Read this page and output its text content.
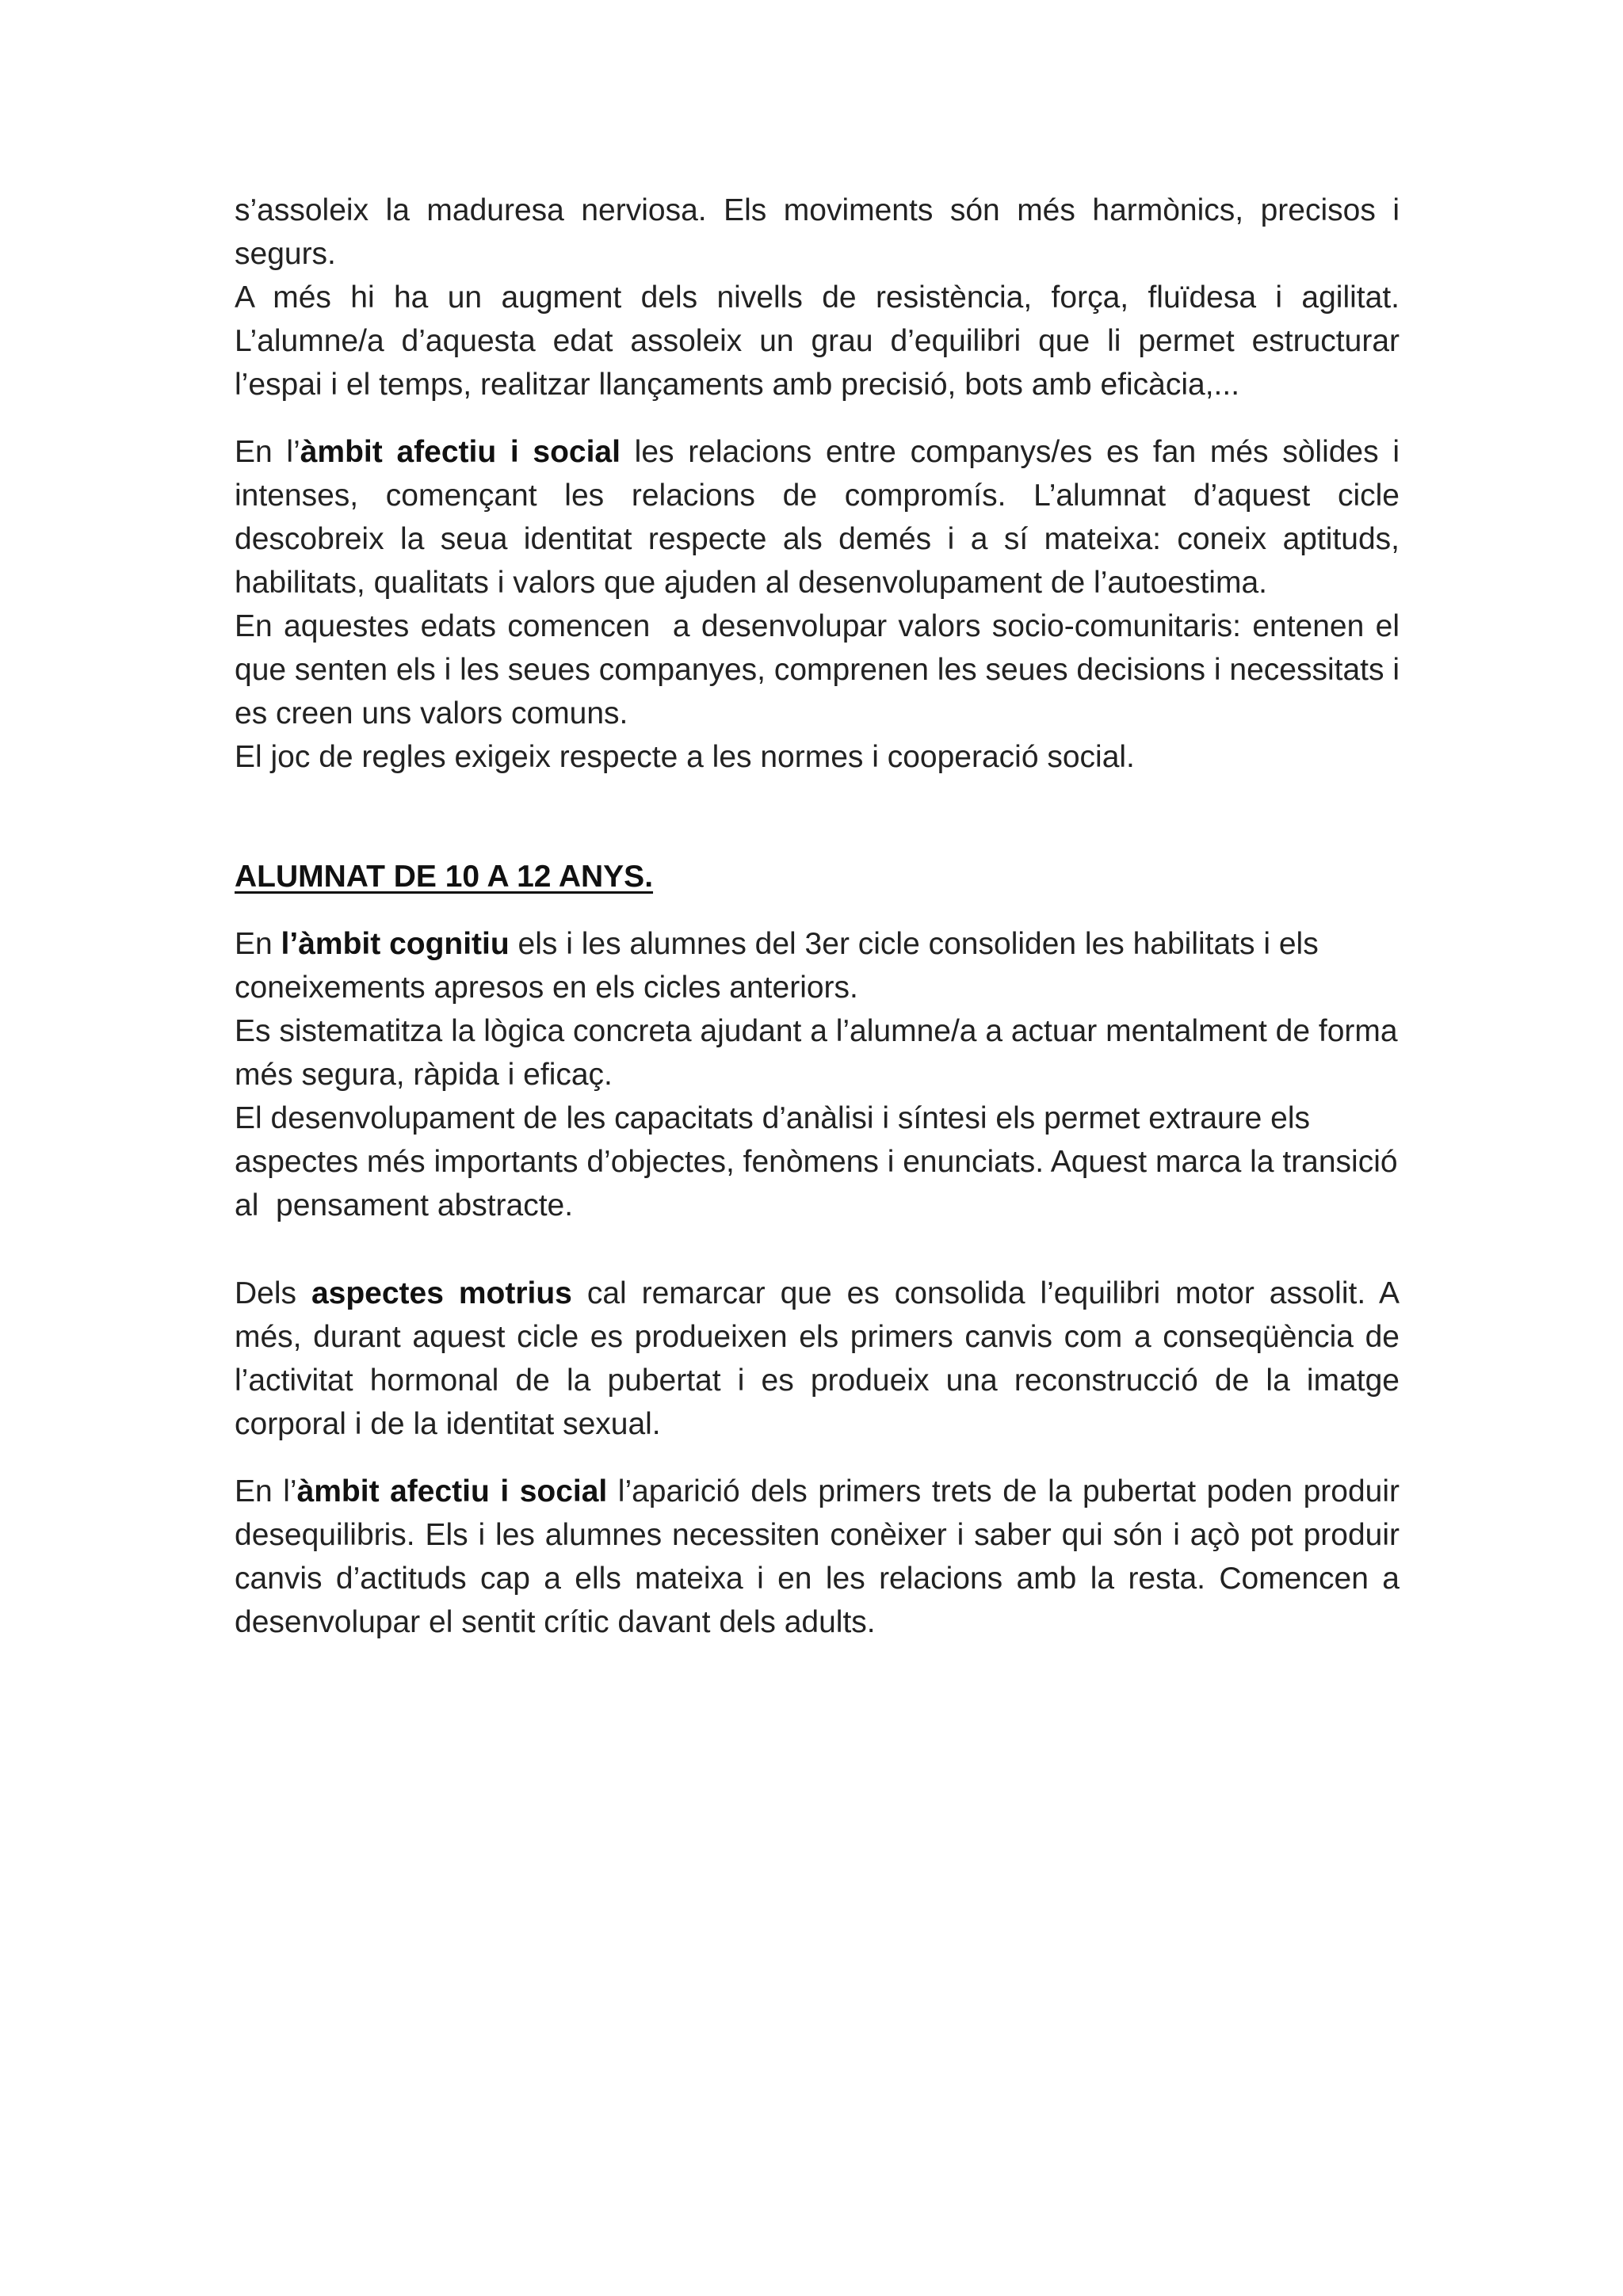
s’assoleix la maduresa nerviosa. Els moviments són més harmònics, precisos i segurs.

A més hi ha un augment dels nivells de resistència, força, fluïdesa i agilitat. L’alumne/a d’aquesta edat assoleix un grau d’equilibri que li permet estructurar l’espai i el temps, realitzar llançaments amb precisió, bots amb eficàcia,...

En l’àmbit afectiu i social les relacions entre companys/es es fan més sòlides i intenses, començant les relacions de compromís. L’alumnat d’aquest cicle descobreix la seua identitat respecte als demés i a sí mateixa: coneix aptituds, habilitats, qualitats i valors que ajuden al desenvolupament de l’autoestima.

En aquestes edats comencen  a desenvolupar valors socio-comunitaris: entenen el que senten els i les seues companyes, comprenen les seues decisions i necessitats i es creen uns valors comuns.

El joc de regles exigeix respecte a les normes i cooperació social.

ALUMNAT DE 10 A 12 ANYS.

En l’àmbit cognitiu els i les alumnes del 3er cicle consoliden les habilitats i els coneixements apresos en els cicles anteriors.

Es sistematitza la lògica concreta ajudant a l’alumne/a a actuar mentalment de forma més segura, ràpida i eficaç.

El desenvolupament de les capacitats d’anàlisi i síntesi els permet extraure els aspectes més importants d’objectes, fenòmens i enunciats. Aquest marca la transició al  pensament abstracte.

Dels aspectes motrius cal remarcar que es consolida l’equilibri motor assolit. A més, durant aquest cicle es produeixen els primers canvis com a conseqüència de l’activitat hormonal de la pubertat i es produeix una reconstrucció de la imatge corporal i de la identitat sexual.

En l’àmbit afectiu i social l’aparició dels primers trets de la pubertat poden produir desequilibris. Els i les alumnes necessiten conèixer i saber qui són i açò pot produir canvis d’actituds cap a ells mateixa i en les relacions amb la resta. Comencen a desenvolupar el sentit crític davant dels adults.
